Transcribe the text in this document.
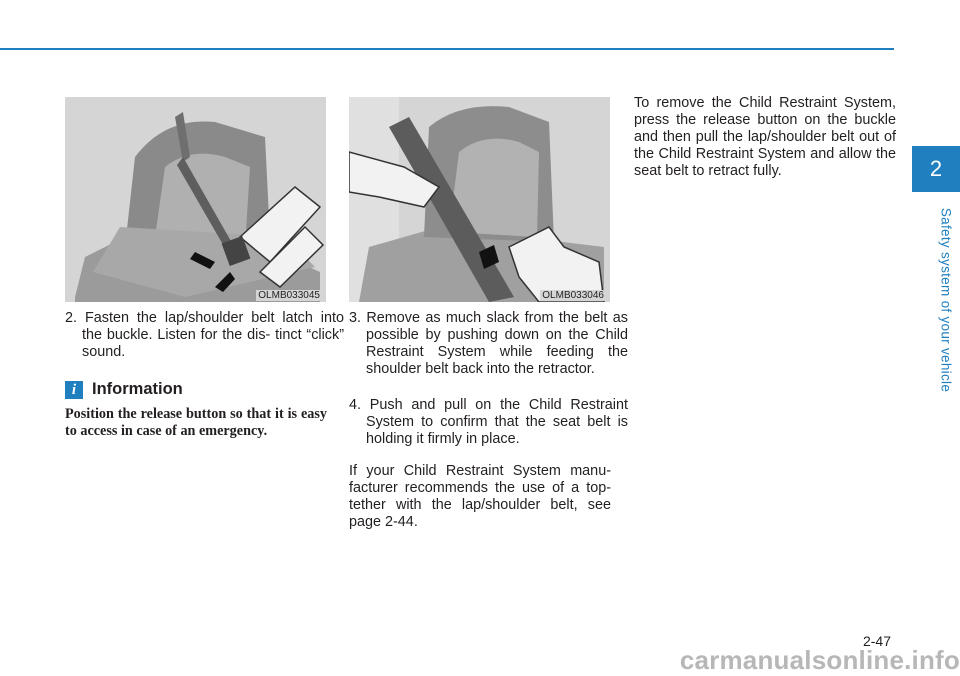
2
Safety system of your vehicle
OLMB033045	OLMB033046

2. Fasten the lap/shoulder belt latch into the buckle. Listen for the dis- tinct “click” sound.

i Information

Position the release button so that it is easy to access in case of an emergency.

3. Remove as much slack from the belt as possible by pushing down on the Child Restraint System while feeding the shoulder belt back into the retractor.

4. Push and pull on the Child Restraint System to confirm that the seat belt is holding it firmly in place.

If your Child Restraint System manu- facturer recommends the use of a top-tether with the lap/shoulder belt, see page 2-44.

To remove the Child Restraint System, press the release button on the buckle and then pull the lap/shoulder belt out of the Child Restraint System and allow the seat belt to retract fully.

2-47
carmanualsonline.info
